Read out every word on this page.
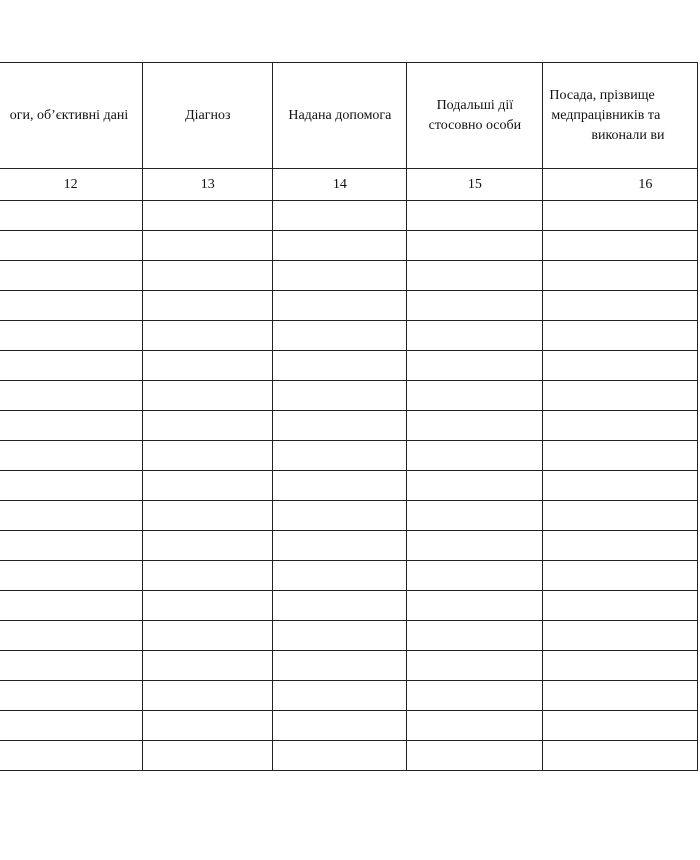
оги, об’єктивні дані	Діагноз	Надана допомога	Подальші дії
стосовно особи	Посада, прізвище
медпрацівників та
виконали ви

12	13	14	15	16
